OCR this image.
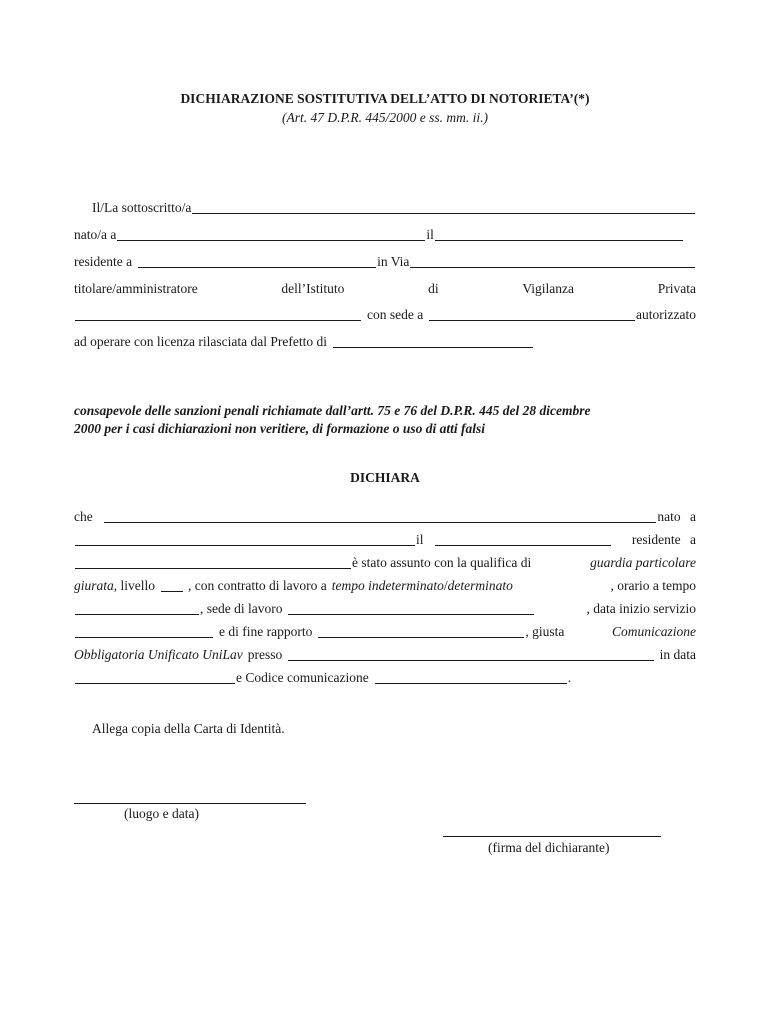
DICHIARAZIONE SOSTITUTIVA DELL’ATTO DI NOTORIETA’(*)
(Art. 47 D.P.R. 445/2000 e ss. mm. ii.)
Il/La sottoscritto/a
nato/a a	il
residente a	in Via
titolare/amministratore	dell’Istituto	di	Vigilanza	Privata
con sede a	autorizzato
ad operare con licenza rilasciata dal Prefetto di
consapevole delle sanzioni penali richiamate dall’artt. 75 e 76 del D.P.R. 445 del 28 dicembre
2000 per i casi dichiarazioni non veritiere, di formazione o uso di atti falsi
DICHIARA
che	nato a
il	residente a
è stato assunto con la qualifica di	guardia particolare
giurata , livello , con contratto di lavoro a tempo indeterminato / determinato	, orario a tempo
, sede di lavoro	, data inizio servizio
e di fine rapporto	, giusta	Comunicazione
Obbligatoria Unificato UniLav presso	in data
e Codice comunicazione	.
Allega copia della Carta di Identità.
(luogo e data)
(firma del dichiarante)
